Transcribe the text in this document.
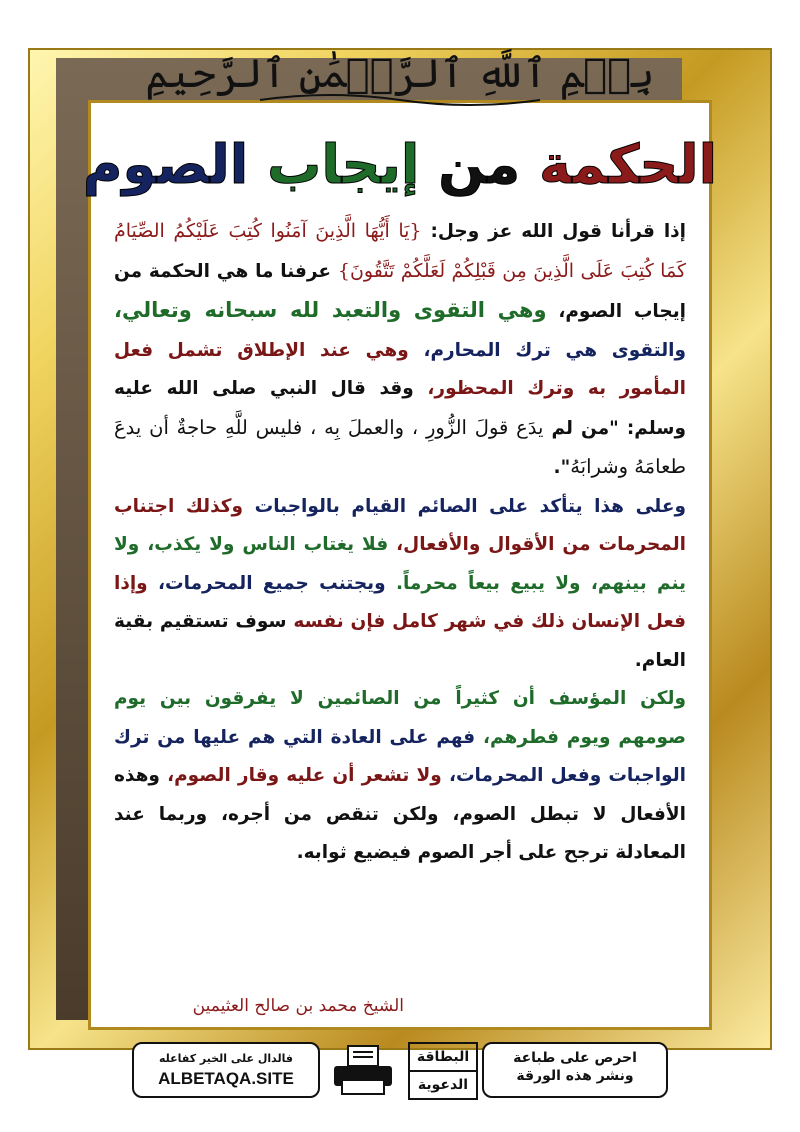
بِسۡمِ ٱللَّهِ ٱلرَّحۡمَٰنِ ٱلرَّحِيمِ
الحكمة من إيجاب الصوم

إذا قرأنا قول الله عز وجل: {يَا أَيُّهَا الَّذِينَ آمَنُوا كُتِبَ عَلَيْكُمُ الصِّيَامُ كَمَا كُتِبَ عَلَى الَّذِينَ مِن قَبْلِكُمْ لَعَلَّكُمْ تَتَّقُونَ} عرفنا ما هي الحكمة من إيجاب الصوم، وهي التقوى والتعبد لله سبحانه وتعالي، والتقوى هي ترك المحارم، وهي عند الإطلاق تشمل فعل المأمور به وترك المحظور، وقد قال النبي صلى الله عليه وسلم: "من لم يدَع قولَ الزُّورِ ، والعملَ بِه ، فليس للَّهِ حاجةٌ أن يدعَ طعامَهُ وشرابَهُ".

وعلى هذا يتأكد على الصائم القيام بالواجبات وكذلك اجتناب المحرمات من الأقوال والأفعال، فلا يغتاب الناس ولا يكذب، ولا ينم بينهم، ولا يبيع بيعاً محرماً. ويجتنب جميع المحرمات، وإذا فعل الإنسان ذلك في شهر كامل فإن نفسه سوف تستقيم بقية العام.

ولكن المؤسف أن كثيراً من الصائمين لا يفرقون بين يوم صومهم ويوم فطرهم، فهم على العادة التي هم عليها من ترك الواجبات وفعل المحرمات، ولا تشعر أن عليه وقار الصوم، وهذه الأفعال لا تبطل الصوم، ولكن تنقص من أجره، وربما عند المعادلة ترجح على أجر الصوم فيضيع ثوابه.

الشيخ محمد بن صالح العثيمين
فالدال على الخير كفاعله
ALBETAQA.SITE
البطاقة
الدعوية
احرص على طباعة
ونشر هذه الورقة
